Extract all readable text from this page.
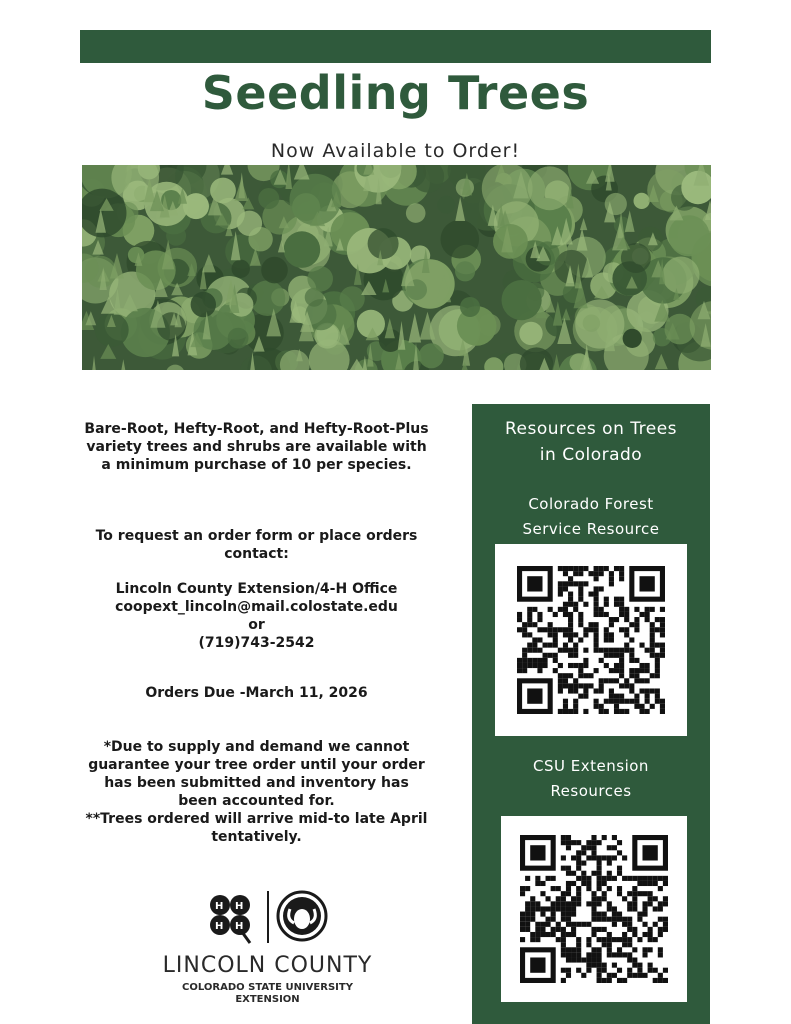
Seedling Trees
Now Available to Order!

Bare-Root, Hefty-Root, and Hefty-Root-Plus variety trees and shrubs are available with a minimum purchase of 10 per species.

To request an order form or place orders contact:

Lincoln County Extension/4-H Office

coopext_lincoln@mail.colostate.edu

or

(719)743-2542

Orders Due -March 11, 2026

*Due to supply and demand we cannot guarantee your tree order until your order has been submitted and inventory has been accounted for.

**Trees ordered will arrive mid-to late April tentatively.

H H
H H
LINCOLN COUNTY
COLORADO STATE UNIVERSITY
EXTENSION
Resources on Trees
in Colorado
Colorado Forest
Service Resource
CSU Extension
Resources
